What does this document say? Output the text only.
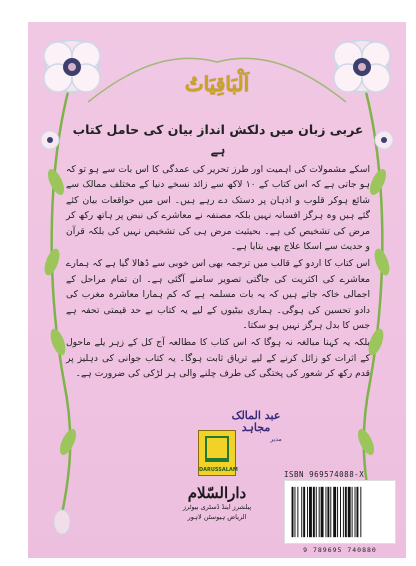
اَلْبَاقِيَاتُ
عربی زبان میں دلکش انداز بیان کی حامل کتاب ہے

اسکے مشمولات کی اہمیت اور طرز تحریر کی عمدگی کا اس بات سے ہو تو کہ ہو جاتی ہے کہ اس کتاب کے ۱۰ لاکھ سے زائد نسخے دنیا کے مختلف ممالک سے شائع ہوکر قلوب و اذہان پر دستک دے رہے ہیں۔ اس میں حواقعات بیان کئے گئے ہیں وہ ہرگز افسانہ نہیں بلکہ مصنفہ نے معاشرے کی نبض پر ہاتھ رکھ کر مرض کی تشخیص کی ہے۔ بحیثیت مرض ہی کی تشخیص نہیں کی بلکہ قرآن و حدیث سے اسکا علاج بھی بتایا ہے۔

اس کتاب کا اردو کے قالب میں ترجمہ بھی اس خوبی سے ڈھالا گیا ہے کہ ہمارے معاشرے کی اکثریت کی جاگتی تصویر سامنے آگئی ہے۔ ان تمام مراحل کے اجمالی خاکہ جاتے ہیں کہ یہ بات مسلمہ ہے کہ کم ہمارا معاشرہ مغرب کی دادو تحسین کی ہوگی۔ ہماری بیٹیوں کے لیے یہ کتاب بے حد قیمتی تحفہ ہے جس کا بدل ہرگز نہیں ہو سکتا۔

بلکہ یہ کہنا مبالغہ نہ ہوگا کہ اس کتاب کا مطالعہ آج کل کے زہر یلے ماحول کے اثرات کو زائل کرنے کے لیے تریاق ثابت ہوگا۔ یہ کتاب جوانی کی دہلیز پر قدم رکھ کر شعور کی پختگی کی طرف چلنے والی ہر لڑکی کی ضرورت ہے۔

عبد المالک مجاہد
مدیر
DARUSSALAM
دارالسّلام
پبلشرز اینڈ ڈسٹری بیوٹرز
الریاض ہیوسٹن لاہور
ISBN 969574088-X
9 789695 740880
